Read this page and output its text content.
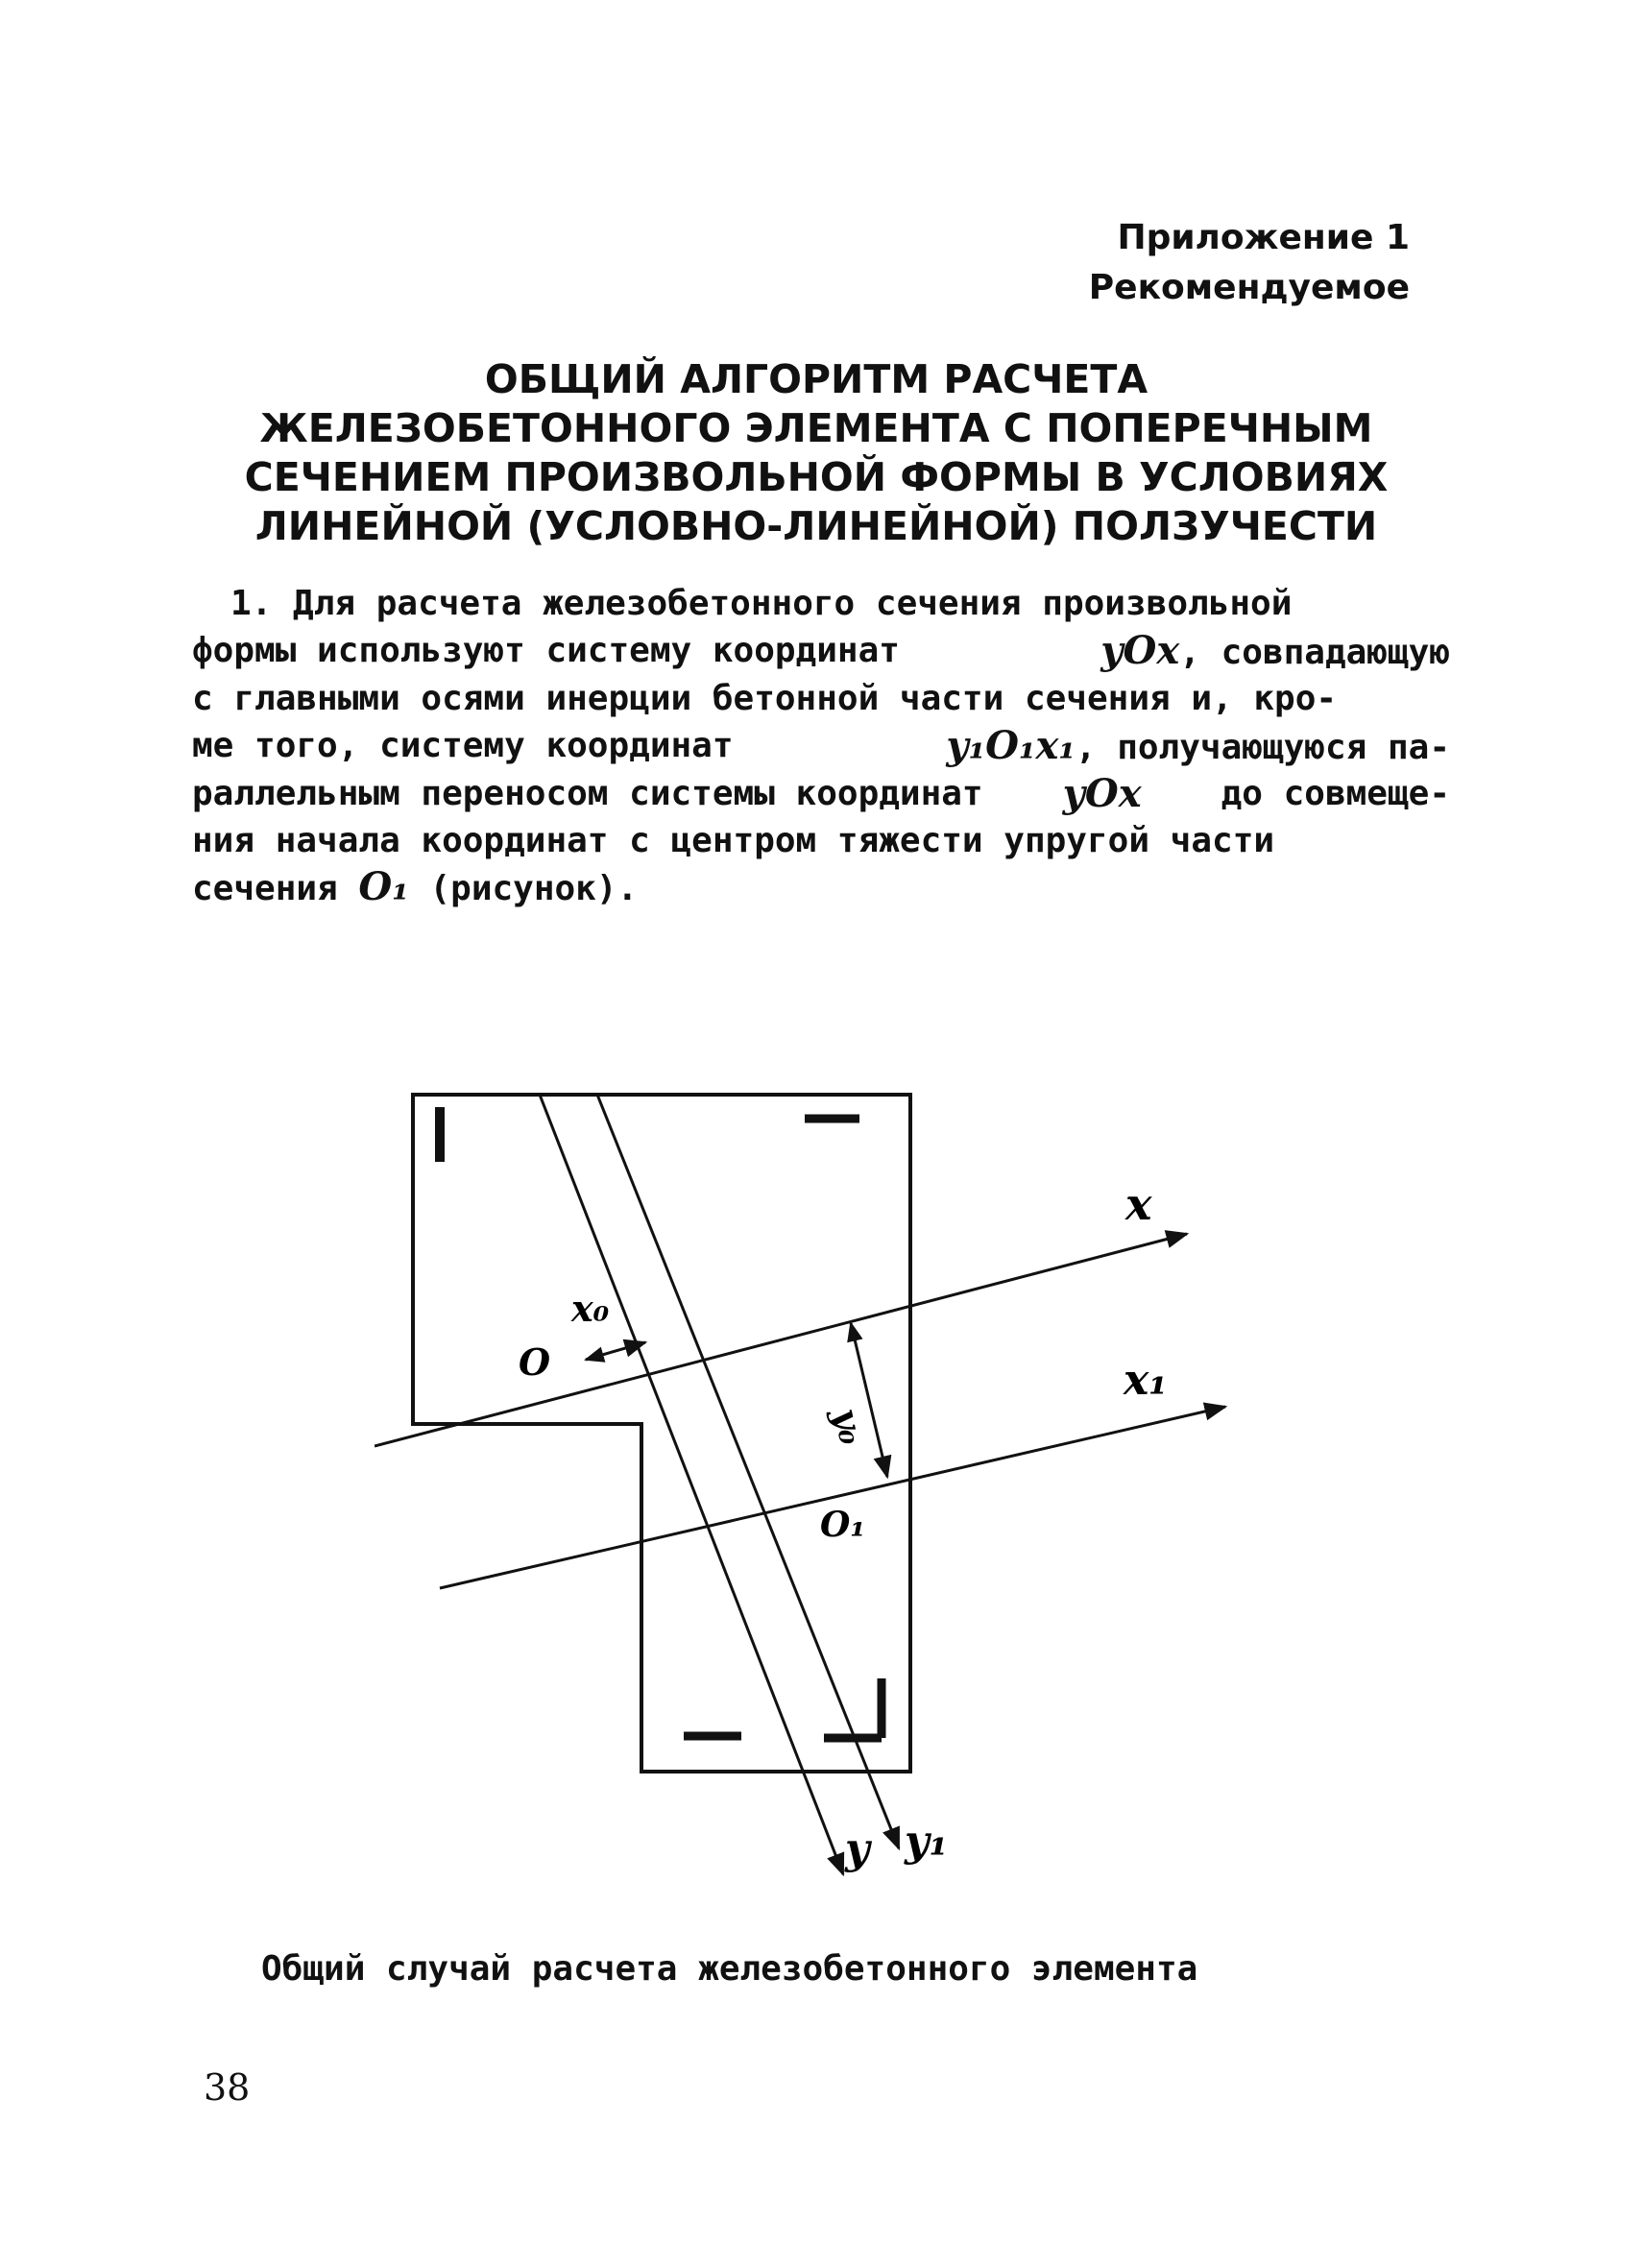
Приложение 1
Рекомендуемое
ОБЩИЙ АЛГОРИТМ РАСЧЕТА
ЖЕЛЕЗОБЕТОННОГО ЭЛЕМЕНТА С ПОПЕРЕЧНЫМ
СЕЧЕНИЕМ ПРОИЗВОЛЬНОЙ ФОРМЫ В УСЛОВИЯХ
ЛИНЕЙНОЙ (УСЛОВНО-ЛИНЕЙНОЙ) ПОЛЗУЧЕСТИ
1. Для расчета железобетонного сечения произвольной
формы используют систему координат	yOx, совпадающую
с главными осями инерции бетонной части сечения и, кро-
ме того, систему координат	y₁O₁x₁, получающуюся па-
раллельным переносом системы координат yOx до совмеще-
ния начала координат с центром тяжести упругой части
сечения O₁ (рисунок).
x
x₁
x₀
y₀
O
O₁
y y₁
Общий случай расчета железобетонного элемента
38
